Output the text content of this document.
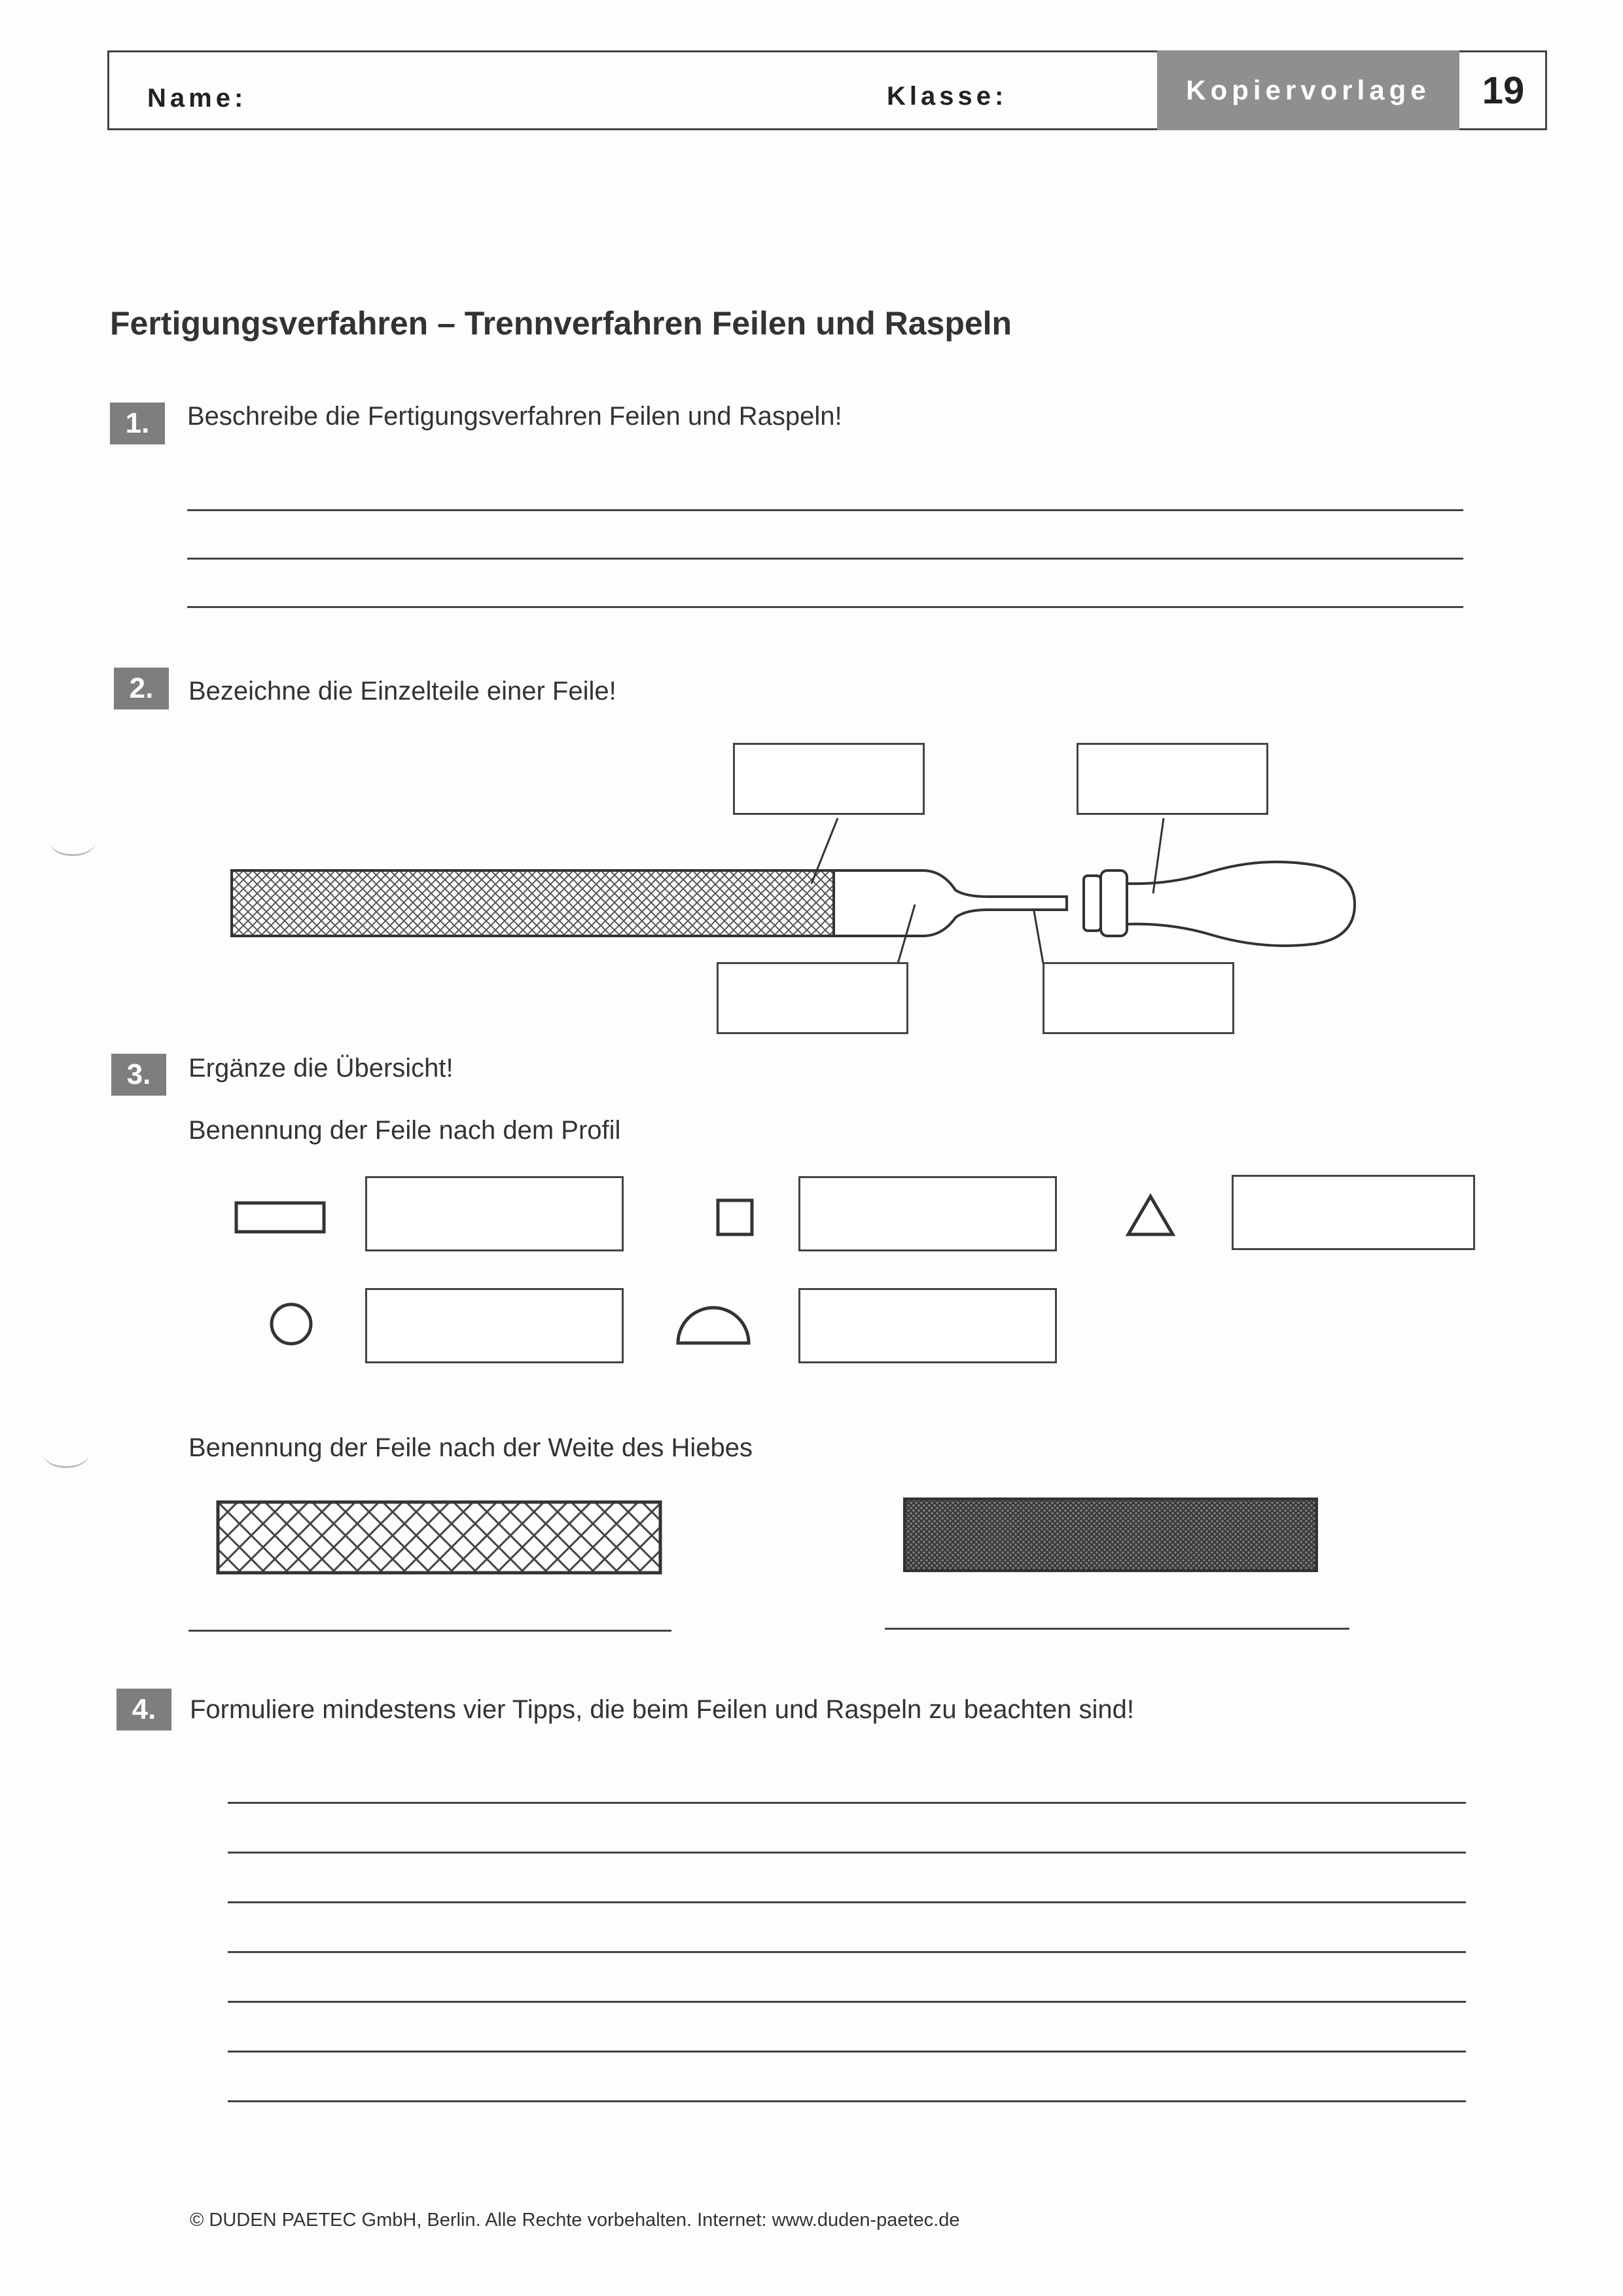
Name:	Klasse:	Kopiervorlage	19
Fertigungsverfahren – Trennverfahren Feilen und Raspeln
1.	Beschreibe die Fertigungsverfahren Feilen und Raspeln!
2.	Bezeichne die Einzelteile einer Feile!
3.	Ergänze die Übersicht!
Benennung der Feile nach dem Profil
Benennung der Feile nach der Weite des Hiebes
4.	Formuliere mindestens vier Tipps, die beim Feilen und Raspeln zu beachten sind!
© DUDEN PAETEC GmbH, Berlin. Alle Rechte vorbehalten. Internet: www.duden-paetec.de
